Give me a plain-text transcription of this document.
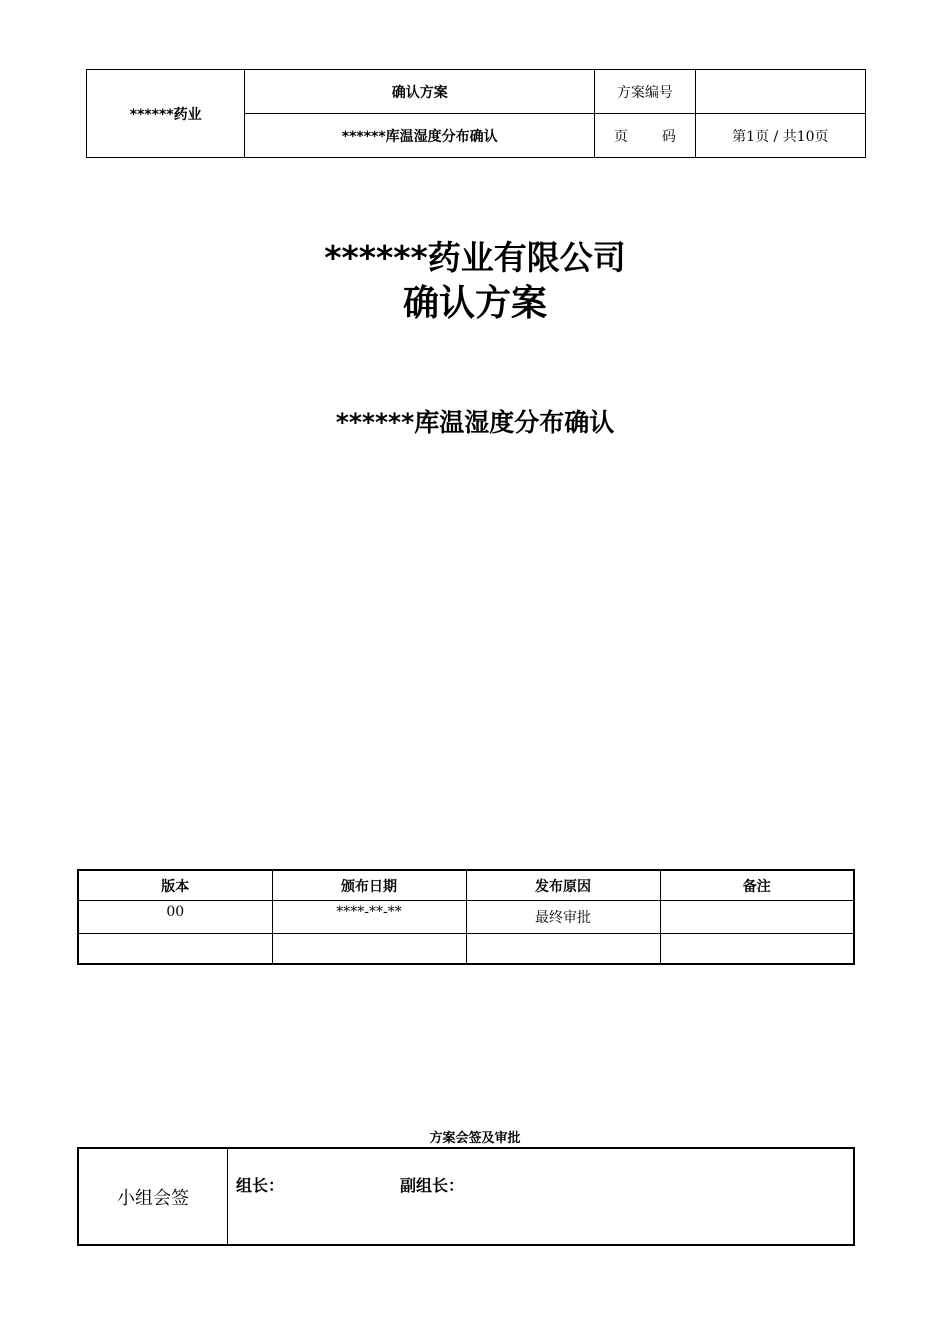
******药业	确认方案	方案编号	
	******库温湿度分布确认	页 码	第1页 / 共10页
******药业有限公司
确认方案
******库温湿度分布确认
版本	颁布日期	发布原因	备注
00	****-**-**	最终审批	

方案会签及审批
小组会签	组长：	副组长：
